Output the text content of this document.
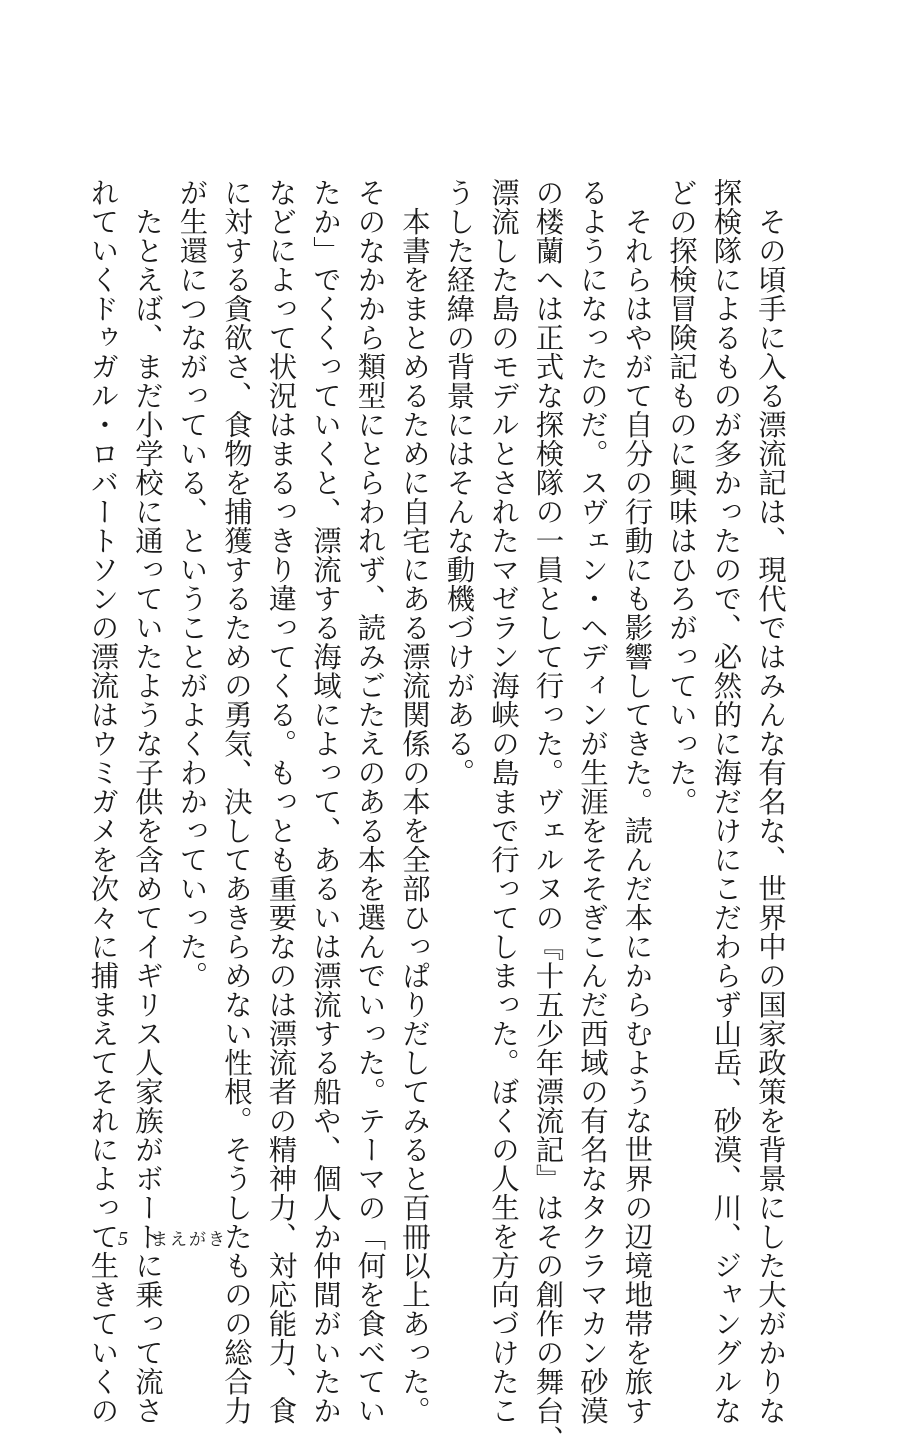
　その頃手に入る漂流記は、現代ではみんな有名な、世界中の国家政策を背景にした大がかりな
探検隊によるものが多かったので、必然的に海だけにこだわらず山岳、砂漠、川、ジャングルな
どの探検冒険記ものに興味はひろがっていった。
　それらはやがて自分の行動にも影響してきた。読んだ本にからむような世界の辺境地帯を旅す
るようになったのだ。スヴェン・ヘディンが生涯をそそぎこんだ西域の有名なタクラマカン砂漠
の楼蘭へは正式な探検隊の一員として行った。ヴェルヌの『十五少年漂流記』はその創作の舞台、
漂流した島のモデルとされたマゼラン海峡の島まで行ってしまった。ぼくの人生を方向づけたこ
うした経緯の背景にはそんな動機づけがある。
　本書をまとめるために自宅にある漂流関係の本を全部ひっぱりだしてみると百冊以上あった。
そのなかから類型にとらわれず、読みごたえのある本を選んでいった。テーマの「何を食べてい
たか」でくくっていくと、漂流する海域によって、あるいは漂流する船や、個人か仲間がいたか
などによって状況はまるっきり違ってくる。もっとも重要なのは漂流者の精神力、対応能力、食
に対する貪欲さ、食物を捕獲するための勇気、決してあきらめない性根。そうしたものの総合力
が生還につながっている、ということがよくわかっていった。
　たとえば、まだ小学校に通っていたような子供を含めてイギリス人家族がボートに乗って流さ
れていくドゥガル・ロバートソンの漂流はウミガメを次々に捕まえてそれによって生きていくの
5 まえがき
